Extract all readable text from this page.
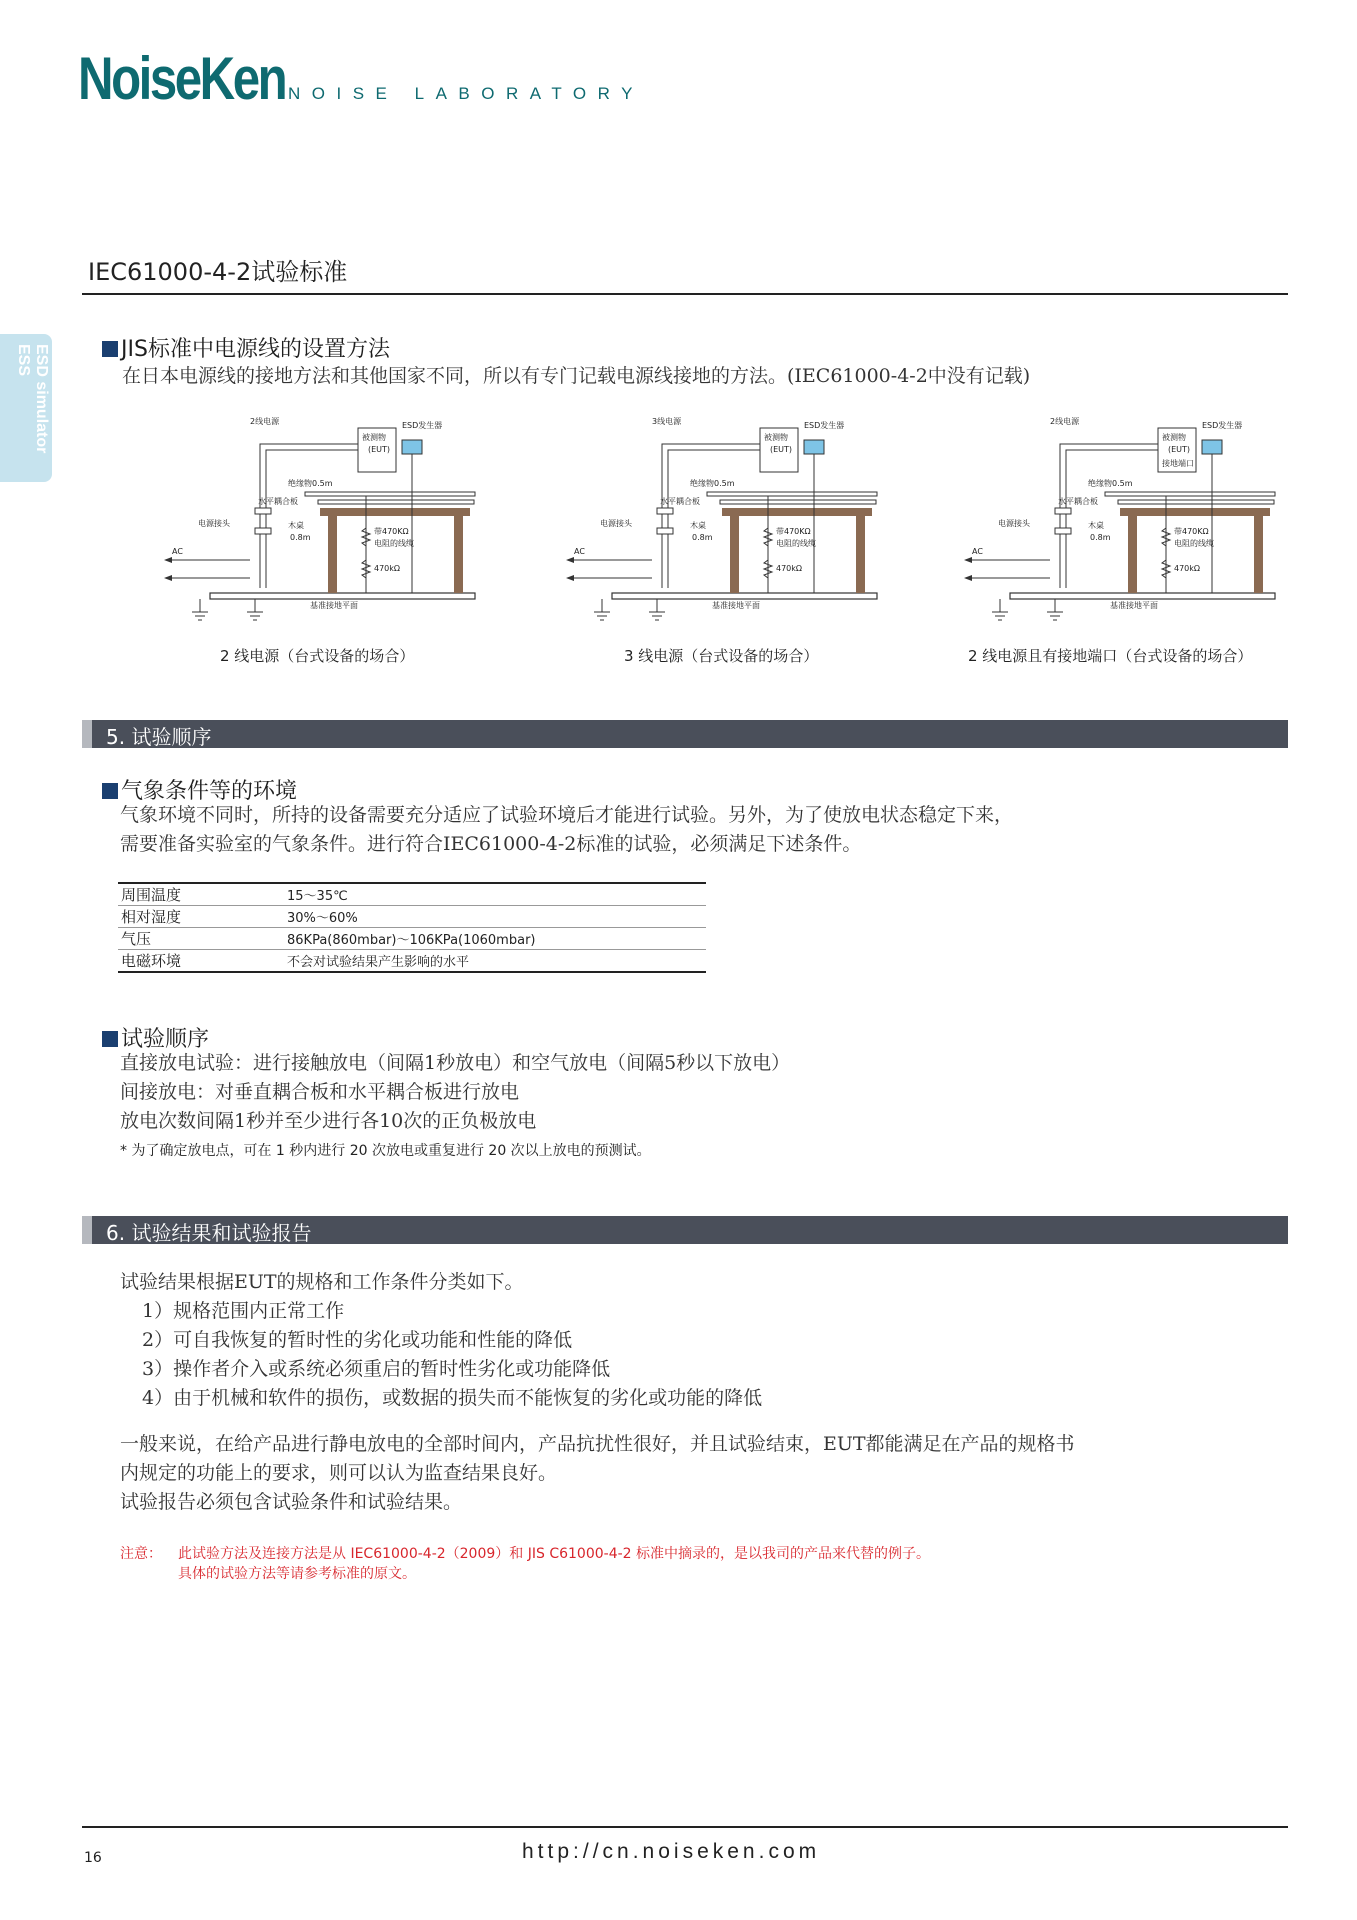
NoiseKen NOISE LABORATORY
ESD simulator ESS
IEC61000-4-2试验标准
JIS标准中电源线的设置方法
在日本电源线的接地方法和其他国家不同，所以有专门记载电源线接地的方法。(IEC61000-4-2中没有记载)
2线电源
被测物
(EUT)
ESD发生器
绝缘物0.5m
水平耦合板
电源接头
AC
木桌
0.8m
带470KΩ
电阻的线缆
470kΩ
基准接地平面
3线电源
被测物
(EUT)
ESD发生器
绝缘物0.5m
水平耦合板
电源接头
AC
木桌
0.8m
带470KΩ
电阻的线缆
470kΩ
基准接地平面
2线电源
被测物
(EUT)
ESD发生器
接地端口
绝缘物0.5m
水平耦合板
电源接头
AC
木桌
0.8m
带470KΩ
电阻的线缆
470kΩ
基准接地平面
2 线电源（台式设备的场合）	3 线电源（台式设备的场合）	2 线电源且有接地端口（台式设备的场合）
5. 试验顺序
气象条件等的环境
气象环境不同时，所持的设备需要充分适应了试验环境后才能进行试验。另外，为了使放电状态稳定下来，
需要准备实验室的气象条件。进行符合IEC61000-4-2标准的试验，必须满足下述条件。
周围温度	15～35℃
相对湿度	30%～60%
气压	86KPa(860mbar)～106KPa(1060mbar)
电磁环境	不会对试验结果产生影响的水平
试验顺序
直接放电试验：进行接触放电（间隔1秒放电）和空气放电（间隔5秒以下放电）
间接放电：对垂直耦合板和水平耦合板进行放电
放电次数间隔1秒并至少进行各10次的正负极放电
* 为了确定放电点，可在 1 秒内进行 20 次放电或重复进行 20 次以上放电的预测试。
6. 试验结果和试验报告
试验结果根据EUT的规格和工作条件分类如下。
1）规格范围内正常工作
2）可自我恢复的暂时性的劣化或功能和性能的降低
3）操作者介入或系统必须重启的暂时性劣化或功能降低
4）由于机械和软件的损伤，或数据的损失而不能恢复的劣化或功能的降低
一般来说，在给产品进行静电放电的全部时间内，产品抗扰性很好，并且试验结束，EUT都能满足在产品的规格书
内规定的功能上的要求，则可以认为监查结果良好。
试验报告必须包含试验条件和试验结果。
注意： 此试验方法及连接方法是从 IEC61000-4-2（2009）和 JIS C61000-4-2 标准中摘录的，是以我司的产品来代替的例子。
具体的试验方法等请参考标准的原文。
16	http://cn.noiseken.com
